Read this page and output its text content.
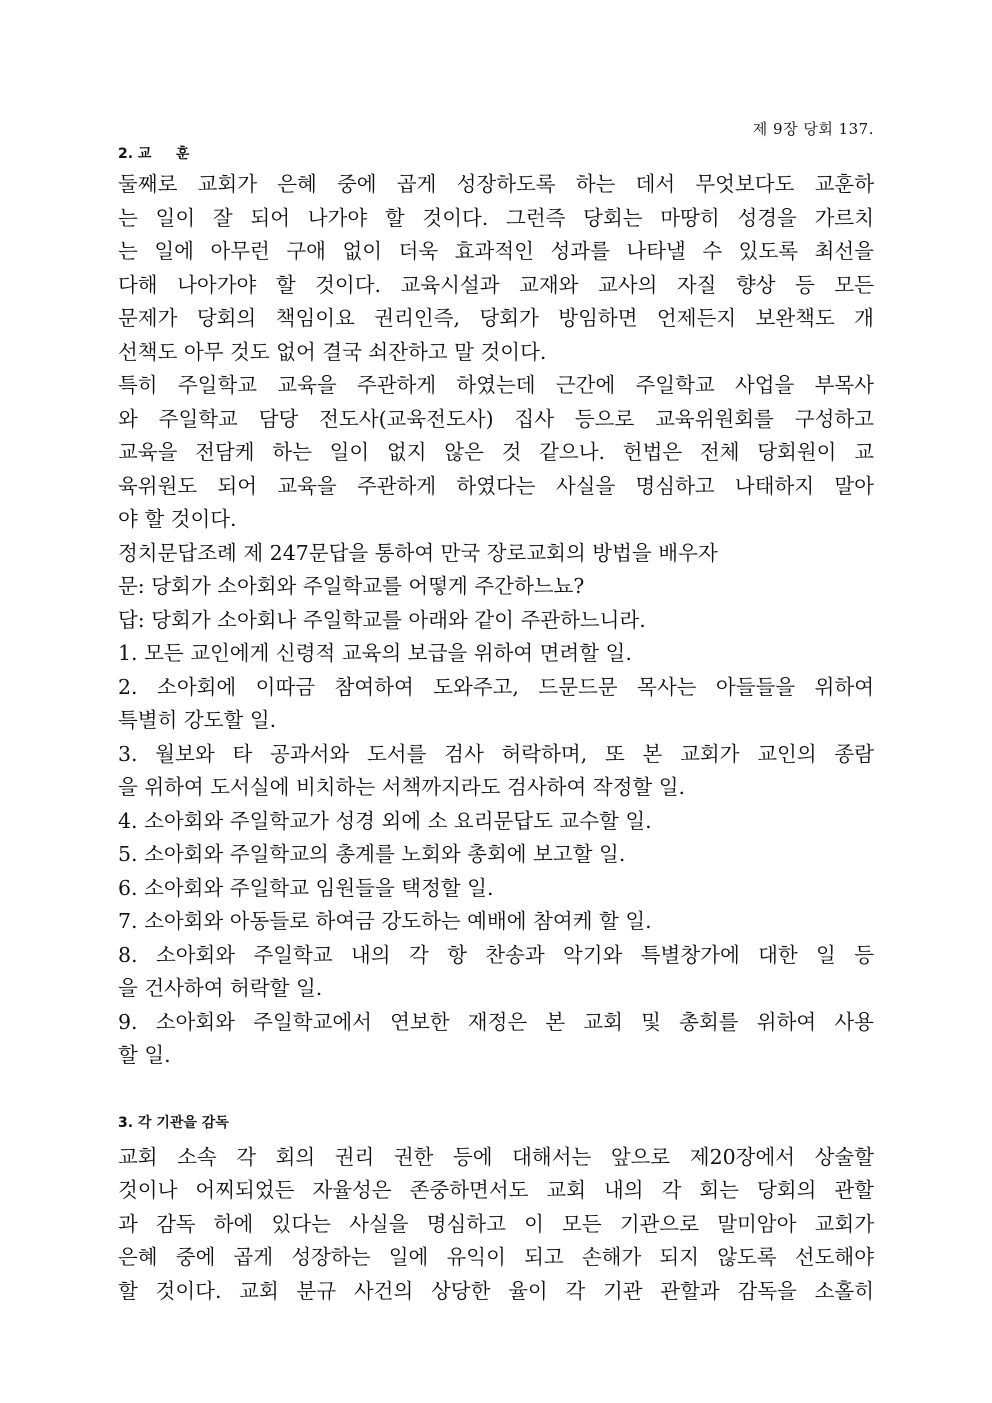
제 9장 당회 137.
2. 교     훈
둘째로 교회가 은혜 중에 곱게 성장하도록 하는 데서 무엇보다도 교훈하
는 일이 잘 되어 나가야 할 것이다. 그런즉 당회는 마땅히 성경을 가르치
는 일에 아무런 구애 없이 더욱 효과적인 성과를 나타낼 수 있도록 최선을
다해 나아가야 할 것이다. 교육시설과 교재와 교사의 자질 향상 등 모든
문제가 당회의 책임이요 권리인즉, 당회가 방임하면 언제든지 보완책도 개
선책도 아무 것도 없어 결국 쇠잔하고 말 것이다.
특히 주일학교 교육을 주관하게 하였는데 근간에 주일학교 사업을 부목사
와 주일학교 담당 전도사(교육전도사) 집사 등으로 교육위원회를 구성하고
교육을 전담케 하는 일이 없지 않은 것 같으나. 헌법은 전체 당회원이 교
육위원도 되어 교육을 주관하게 하였다는 사실을 명심하고 나태하지 말아
야 할 것이다.
정치문답조례 제 247문답을 통하여 만국 장로교회의 방법을 배우자
문: 당회가 소아회와 주일학교를 어떻게 주간하느뇨?
답: 당회가 소아회나 주일학교를 아래와 같이 주관하느니라.
1. 모든 교인에게 신령적 교육의 보급을 위하여 면려할 일.
2. 소아회에 이따금 참여하여 도와주고, 드문드문 목사는 아들들을 위하여
특별히 강도할 일.
3. 월보와 타 공과서와 도서를 검사 허락하며, 또 본 교회가 교인의 종람
을 위하여 도서실에 비치하는 서책까지라도 검사하여 작정할 일.
4. 소아회와 주일학교가 성경 외에 소 요리문답도 교수할 일.
5. 소아회와 주일학교의 총계를 노회와 총회에 보고할 일.
6. 소아회와 주일학교 임원들을 택정할 일.
7. 소아회와 아동들로 하여금 강도하는 예배에 참여케 할 일.
8. 소아회와 주일학교 내의 각 항 찬송과 악기와 특별창가에 대한 일 등
을 건사하여 허락할 일.
9. 소아회와 주일학교에서 연보한 재정은 본 교회 및 총회를 위하여 사용
할 일.
3. 각 기관을 감독
교회 소속 각 회의 권리 권한 등에 대해서는 앞으로 제20장에서 상술할
것이나 어찌되었든 자율성은 존중하면서도 교회 내의 각 회는 당회의 관할
과 감독 하에 있다는 사실을 명심하고 이 모든 기관으로 말미암아 교회가
은혜 중에 곱게 성장하는 일에 유익이 되고 손해가 되지 않도록 선도해야
할 것이다. 교회 분규 사건의 상당한 율이 각 기관 관할과 감독을 소홀히
